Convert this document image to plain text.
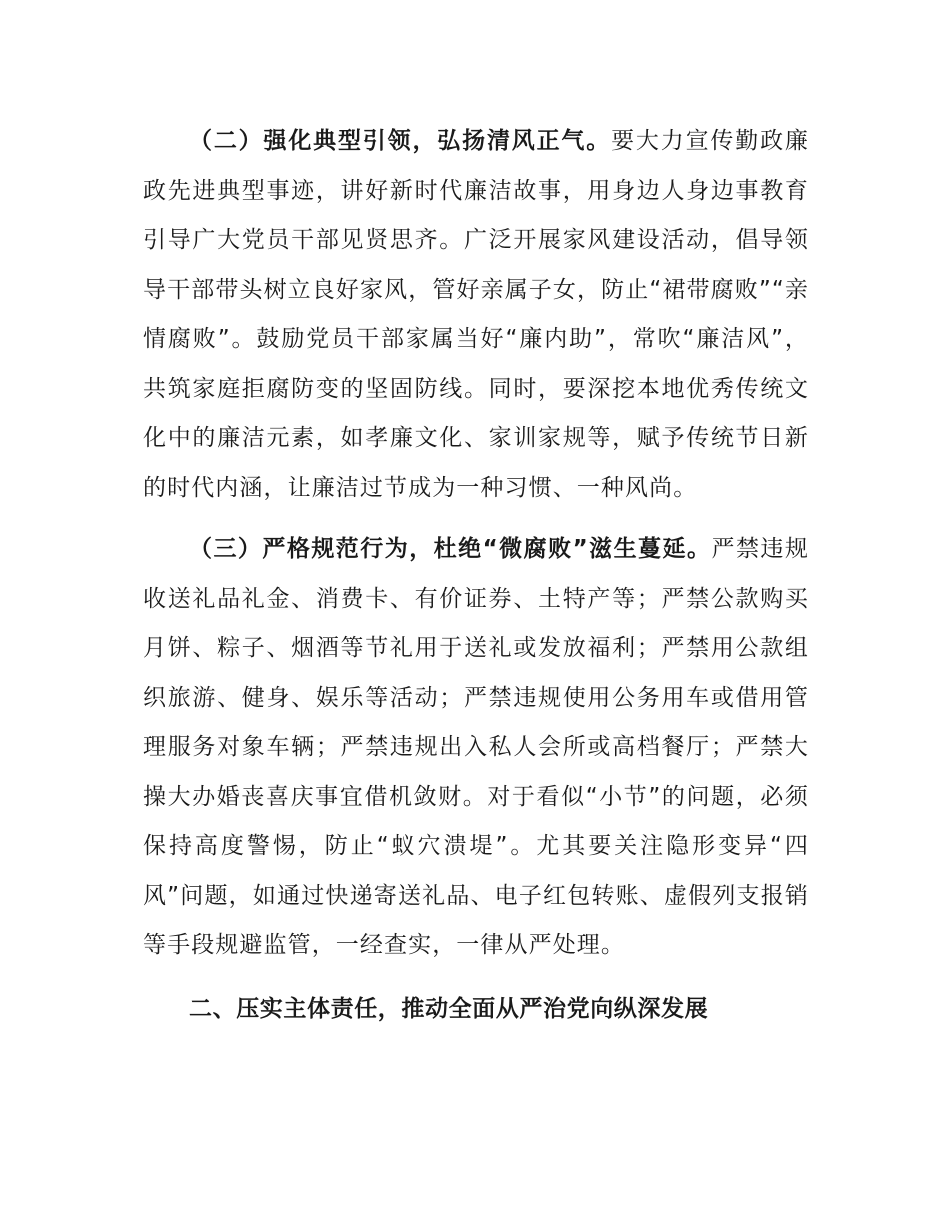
（二）强化典型引领，弘扬清风正气。要大力宣传勤政廉政先进典型事迹，讲好新时代廉洁故事，用身边人身边事教育引导广大党员干部见贤思齐。广泛开展家风建设活动，倡导领导干部带头树立良好家风，管好亲属子女，防止“裙带腐败”“亲情腐败”。鼓励党员干部家属当好“廉内助”，常吹“廉洁风”，共筑家庭拒腐防变的坚固防线。同时，要深挖本地优秀传统文化中的廉洁元素，如孝廉文化、家训家规等，赋予传统节日新的时代内涵，让廉洁过节成为一种习惯、一种风尚。

（三）严格规范行为，杜绝“微腐败”滋生蔓延。严禁违规收送礼品礼金、消费卡、有价证券、土特产等；严禁公款购买月饼、粽子、烟酒等节礼用于送礼或发放福利；严禁用公款组织旅游、健身、娱乐等活动；严禁违规使用公务用车或借用管理服务对象车辆；严禁违规出入私人会所或高档餐厅；严禁大操大办婚丧喜庆事宜借机敛财。对于看似“小节”的问题，必须保持高度警惕，防止“蚁穴溃堤”。尤其要关注隐形变异“四风”问题，如通过快递寄送礼品、电子红包转账、虚假列支报销等手段规避监管，一经查实，一律从严处理。

二、压实主体责任，推动全面从严治党向纵深发展
